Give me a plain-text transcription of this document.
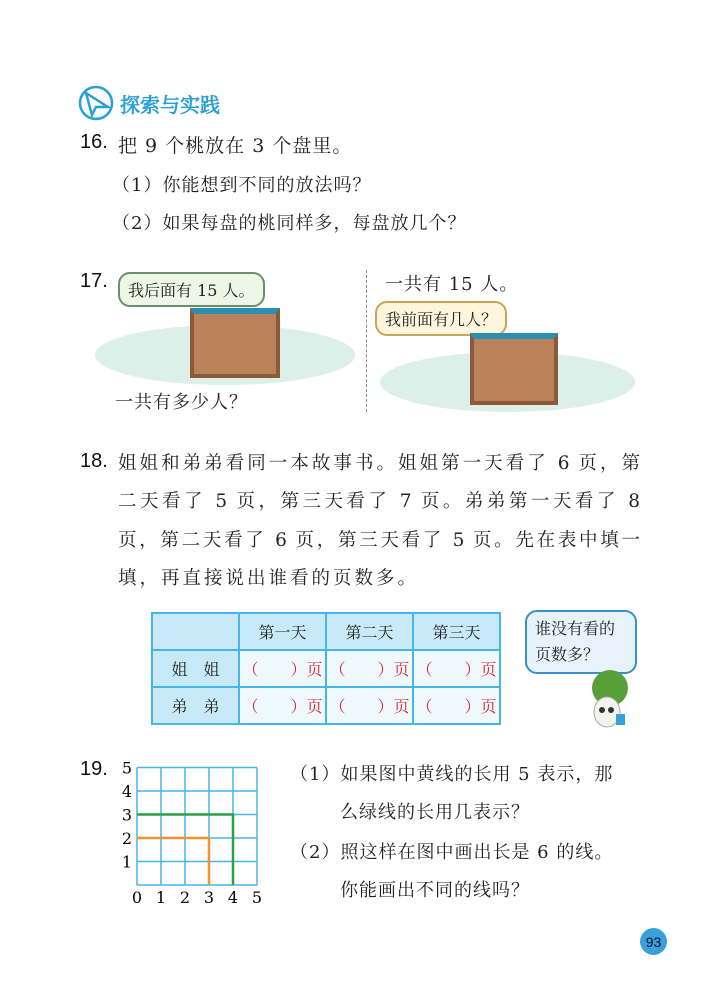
探索与实践
16. 把 9 个桃放在 3 个盘里。
（1）你能想到不同的放法吗？
（2）如果每盘的桃同样多，每盘放几个？
17.	我后面有 15 人。
一共有多少人？
一共有 15 人。
我前面有几人？
18. 姐姐和弟弟看同一本故事书。姐姐第一天看了 6 页，第
二天看了 5 页，第三天看了 7 页。弟弟第一天看了 8
页，第二天看了 6 页，第三天看了 5 页。先在表中填一
填，再直接说出谁看的页数多。
	第一天	第二天	第三天
姐　姐	（　　）页	（　　）页	（　　）页
弟　弟	（　　）页	（　　）页	（　　）页
谁没有看的页数多？
19.
0 1 2 3 4 5
1
2
3
4
5	（1）如果图中黄线的长用 5 表示，那
么绿线的长用几表示？
（2）照这样在图中画出长是 6 的线。
你能画出不同的线吗？
93
